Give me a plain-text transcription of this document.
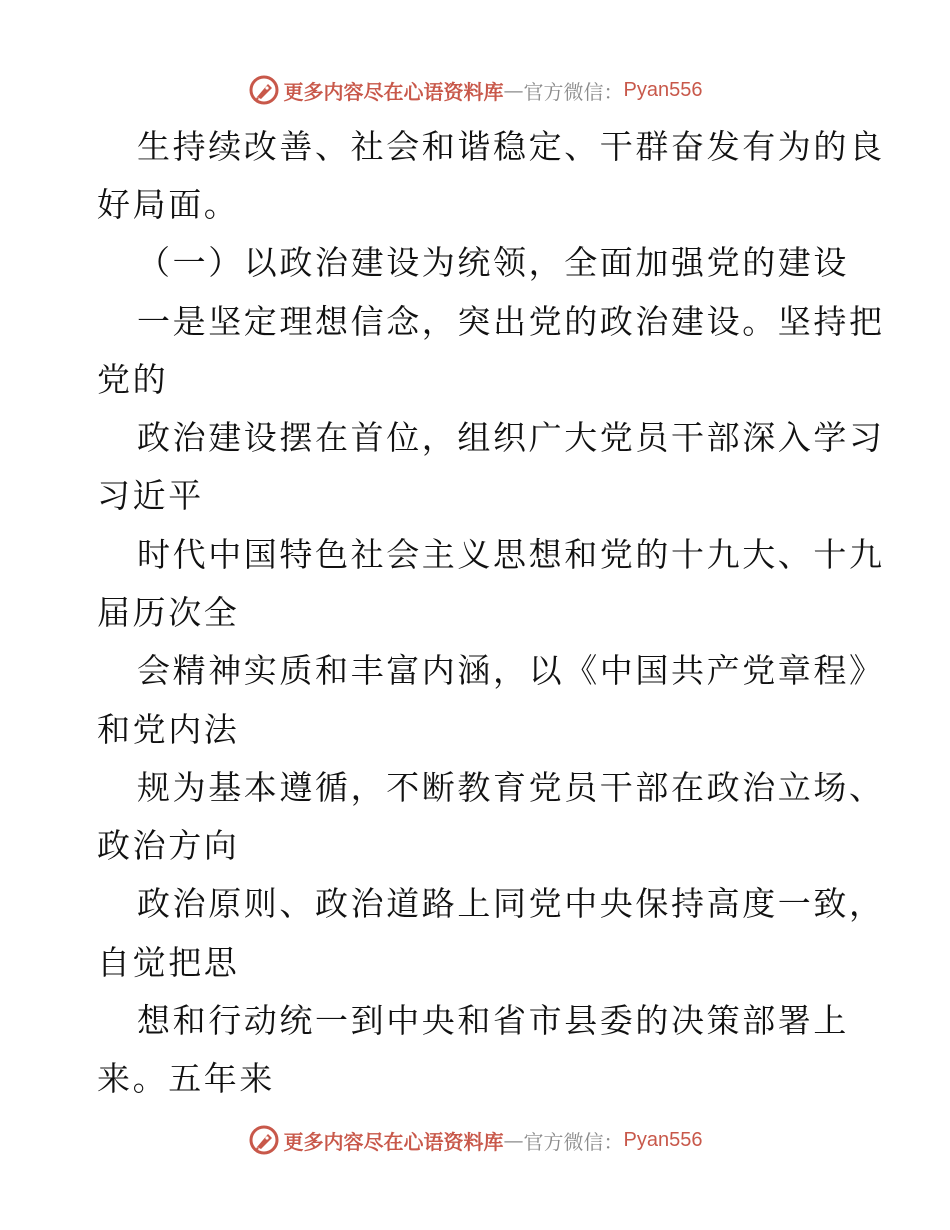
更多内容尽在心语资料库 — 官方微信： Pyan556
生持续改善、社会和谐稳定、干群奋发有为的良
好局面。
（一）以政治建设为统领，全面加强党的建设
一是坚定理想信念，突出党的政治建设。坚持把
党的
政治建设摆在首位，组织广大党员干部深入学习
习近平
时代中国特色社会主义思想和党的十九大、十九
届历次全
会精神实质和丰富内涵，以《中国共产党章程》
和党内法
规为基本遵循，不断教育党员干部在政治立场、
政治方向
政治原则、政治道路上同党中央保持高度一致，
自觉把思
想和行动统一到中央和省市县委的决策部署上
来。五年来
更多内容尽在心语资料库 — 官方微信： Pyan556
